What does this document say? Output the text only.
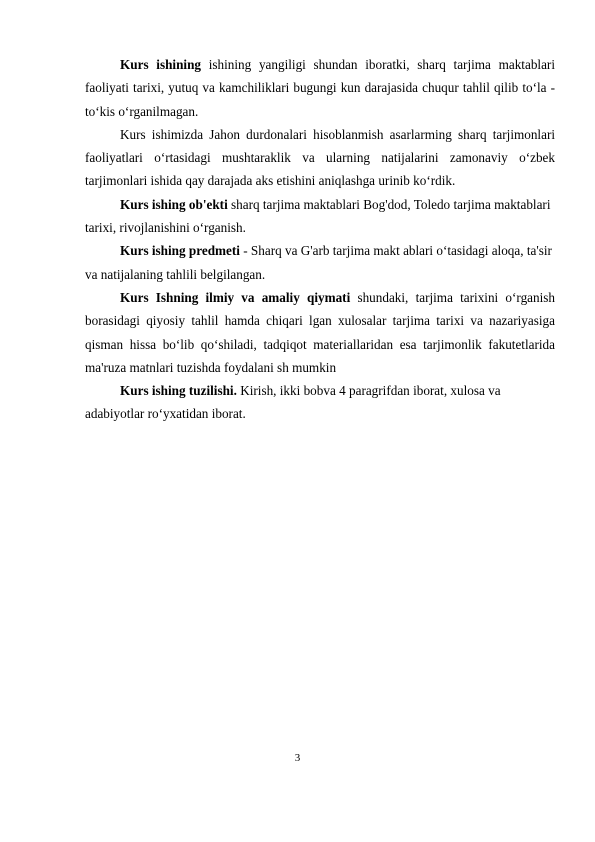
Kurs ishining ishining yangiligi shundan iboratki, sharq tarjima maktablari faoliyati tarixi, yutuq va kamchiliklari bugungi kun darajasida chuqur tahlil qilib to‘la -to‘kis o‘rganilmagan.

Kurs ishimizda Jahon durdonalari hisoblanmish asarlarming sharq tarjimonlari faoliyatlari o‘rtasidagi mushtaraklik va ularning natijalarini zamonaviy o‘zbek tarjimonlari ishida qay darajada aks etishini aniqlashga urinib ko‘rdik.

Kurs ishing ob'ekti sharq tarjima maktablari Bog'dod, Toledo tarjima maktablari tarixi, rivojlanishini o‘rganish.

Kurs ishing predmeti - Sharq va G'arb tarjima makt ablari o‘tasidagi aloqa, ta'sir va natijalaning tahlili belgilangan.

Kurs Ishning ilmiy va amaliy qiymati shundaki, tarjima tarixini o‘rganish borasidagi qiyosiy tahlil hamda chiqari lgan xulosalar tarjima tarixi va nazariyasiga qisman hissa bo‘lib qo‘shiladi, tadqiqot materiallaridan esa tarjimonlik fakutetlarida ma'ruza matnlari tuzishda foydalani sh mumkin

Kurs ishing tuzilishi. Kirish, ikki bobva 4 paragrifdan iborat, xulosa va adabiyotlar ro‘yxatidan iborat.

3
